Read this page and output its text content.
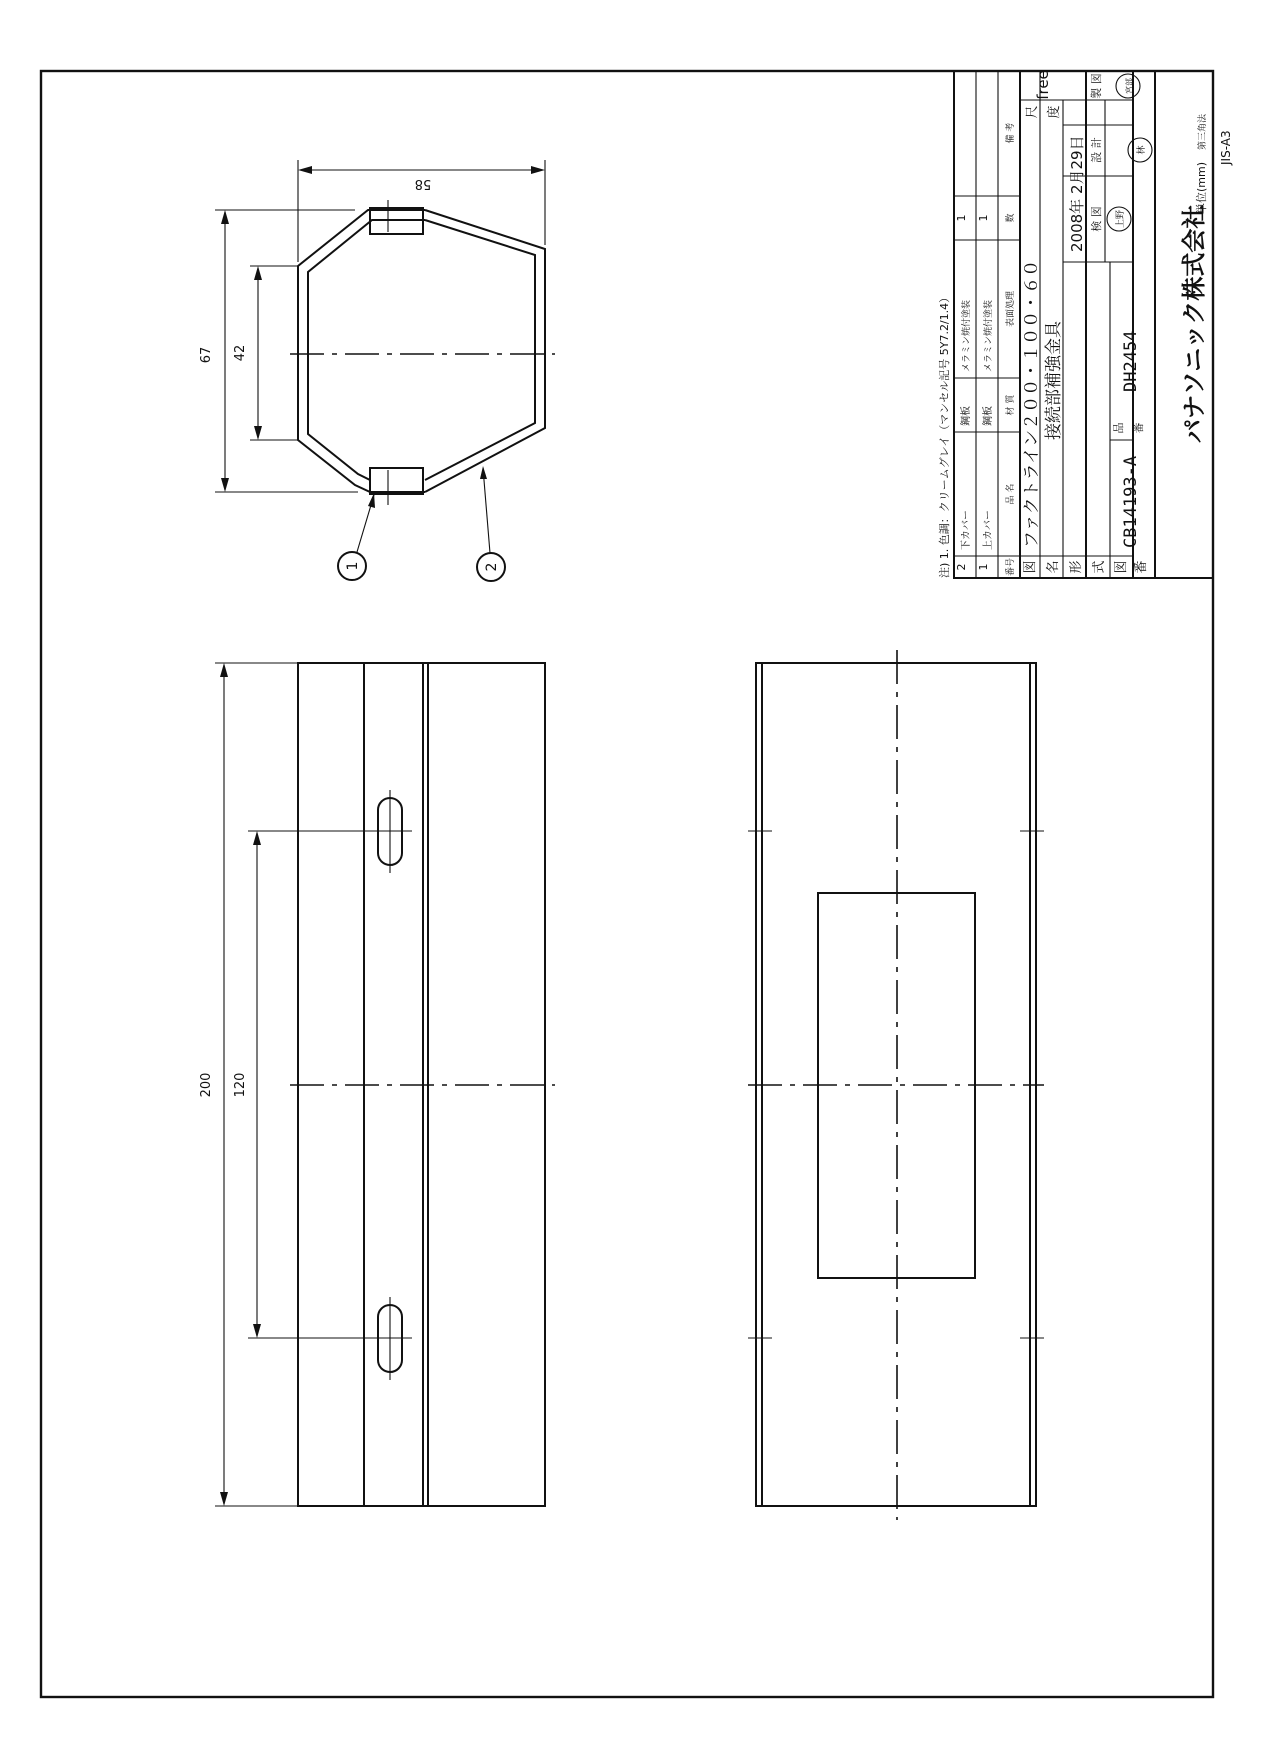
67 42
58
1	2
200 120
注) 1. 色調：クリームグレイ（マンセル記号 5Y7.2/1.4） 2
下カバー
鋼板
メラミン焼付塗装
1
1
上カバー
鋼板
メラミン焼付塗装
1
番号
品 名
材 質
表面処理
数
備 考
図 名 形 式
ファクトライン２００・１００・６０ 接続部補強金具
尺 度
free
2008年 2月29日 検 図
設 計
製 図
上野
林
宮部
図 番
CB14193-A
品 番
DH2454 パナソニック株式会社
単位(mm)
第三角法 JIS-A3
